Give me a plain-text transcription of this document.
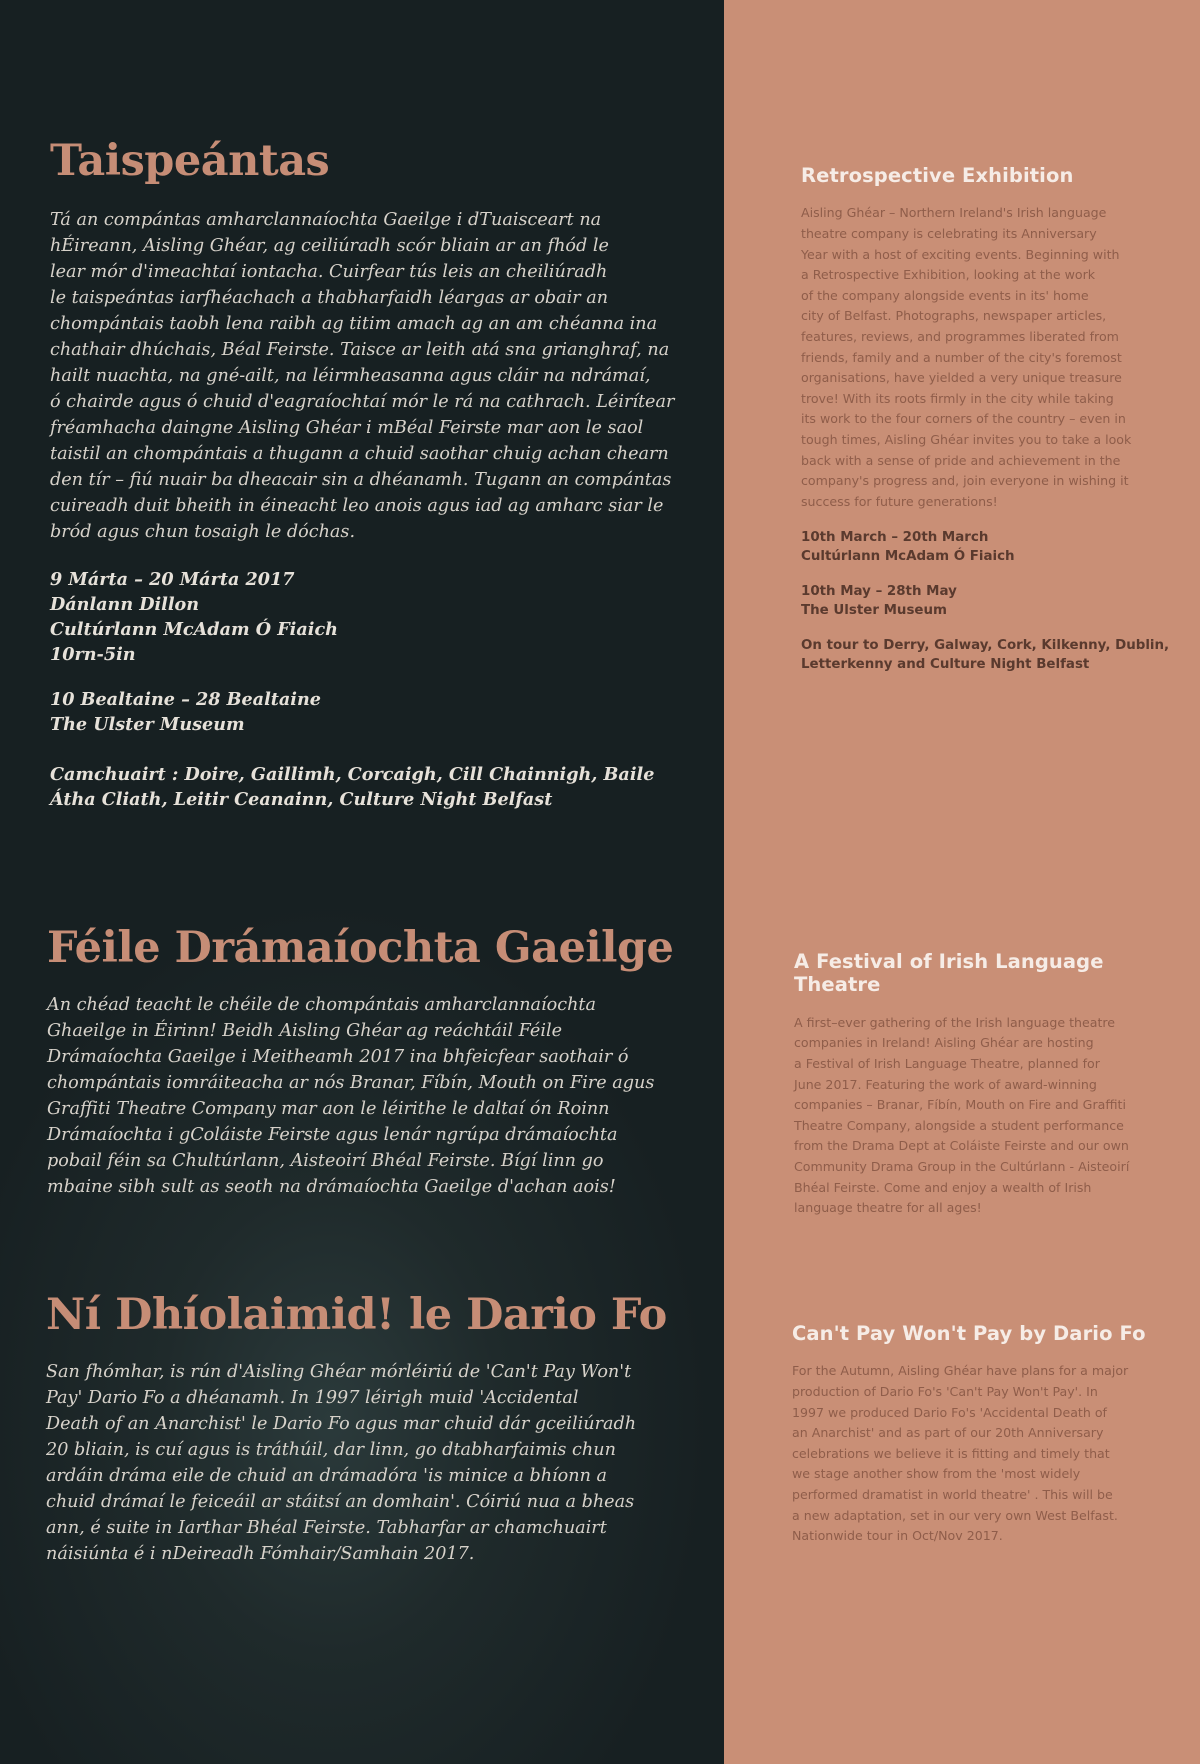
Taispeántas
Tá an compántas amharclannaíochta Gaeilge i dTuaisceart na
hÉireann, Aisling Ghéar, ag ceiliúradh scór bliain ar an fhód le
lear mór d'imeachtaí iontacha. Cuirfear tús leis an cheiliúradh
le taispeántas iarfhéachach a thabharfaidh léargas ar obair an
chompántais taobh lena raibh ag titim amach ag an am chéanna ina
chathair dhúchais, Béal Feirste. Taisce ar leith atá sna grianghraf, na
hailt nuachta, na gné-ailt, na léirmheasanna agus cláir na ndrámaí,
ó chairde agus ó chuid d'eagraíochtaí mór le rá na cathrach. Léirítear
fréamhacha daingne Aisling Ghéar i mBéal Feirste mar aon le saol
taistil an chompántais a thugann a chuid saothar chuig achan chearn
den tír – fiú nuair ba dheacair sin a dhéanamh. Tugann an compántas
cuireadh duit bheith in éineacht leo anois agus iad ag amharc siar le
bród agus chun tosaigh le dóchas.
9 Márta – 20 Márta 2017
Dánlann Dillon
Cultúrlann McAdam Ó Fiaich
10rn-5in
10 Bealtaine – 28 Bealtaine
The Ulster Museum
Camchuairt : Doire, Gaillimh, Corcaigh, Cill Chainnigh, Baile
Átha Cliath, Leitir Ceanainn, Culture Night Belfast
Féile Drámaíochta Gaeilge
An chéad teacht le chéile de chompántais amharclannaíochta
Ghaeilge in Éirinn! Beidh Aisling Ghéar ag reáchtáil Féile
Drámaíochta Gaeilge i Meitheamh 2017 ina bhfeicfear saothair ó
chompántais iomráiteacha ar nós Branar, Fíbín, Mouth on Fire agus
Graffiti Theatre Company mar aon le léirithe le daltaí ón Roinn
Drámaíochta i gColáiste Feirste agus lenár ngrúpa drámaíochta
pobail féin sa Chultúrlann, Aisteoirí Bhéal Feirste. Bígí linn go
mbaine sibh sult as seoth na drámaíochta Gaeilge d'achan aois!
Ní Dhíolaimid! le Dario Fo
San fhómhar, is rún d'Aisling Ghéar mórléiriú de 'Can't Pay Won't
Pay' Dario Fo a dhéanamh. In 1997 léirigh muid 'Accidental
Death of an Anarchist' le Dario Fo agus mar chuid dár gceiliúradh
20 bliain, is cuí agus is tráthúil, dar linn, go dtabharfaimis chun
ardáin dráma eile de chuid an drámadóra 'is minice a bhíonn a
chuid drámaí le feiceáil ar stáitsí an domhain'. Cóiriú nua a bheas
ann, é suite in Iarthar Bhéal Feirste. Tabharfar ar chamchuairt
náisiúnta é i nDeireadh Fómhair/Samhain 2017.
Retrospective Exhibition
Aisling Ghéar – Northern Ireland's Irish language
theatre company is celebrating its Anniversary
Year with a host of exciting events. Beginning with
a Retrospective Exhibition, looking at the work
of the company alongside events in its' home
city of Belfast. Photographs, newspaper articles,
features, reviews, and programmes liberated from
friends, family and a number of the city's foremost
organisations, have yielded a very unique treasure
trove! With its roots firmly in the city while taking
its work to the four corners of the country – even in
tough times, Aisling Ghéar invites you to take a look
back with a sense of pride and achievement in the
company's progress and, join everyone in wishing it
success for future generations!
10th March – 20th March
Cultúrlann McAdam Ó Fiaich
10th May – 28th May
The Ulster Museum
On tour to Derry, Galway, Cork, Kilkenny, Dublin,
Letterkenny and Culture Night Belfast
A Festival of Irish Language Theatre
A first–ever gathering of the Irish language theatre
companies in Ireland! Aisling Ghéar are hosting
a Festival of Irish Language Theatre, planned for
June 2017. Featuring the work of award-winning
companies – Branar, Fíbín, Mouth on Fire and Graffiti
Theatre Company, alongside a student performance
from the Drama Dept at Coláiste Feirste and our own
Community Drama Group in the Cultúrlann - Aisteoirí
Bhéal Feirste. Come and enjoy a wealth of Irish
language theatre for all ages!
Can't Pay Won't Pay by Dario Fo
For the Autumn, Aisling Ghéar have plans for a major
production of Dario Fo's 'Can't Pay Won't Pay'. In
1997 we produced Dario Fo's 'Accidental Death of
an Anarchist' and as part of our 20th Anniversary
celebrations we believe it is fitting and timely that
we stage another show from the 'most widely
performed dramatist in world theatre' . This will be
a new adaptation, set in our very own West Belfast.
Nationwide tour in Oct/Nov 2017.
